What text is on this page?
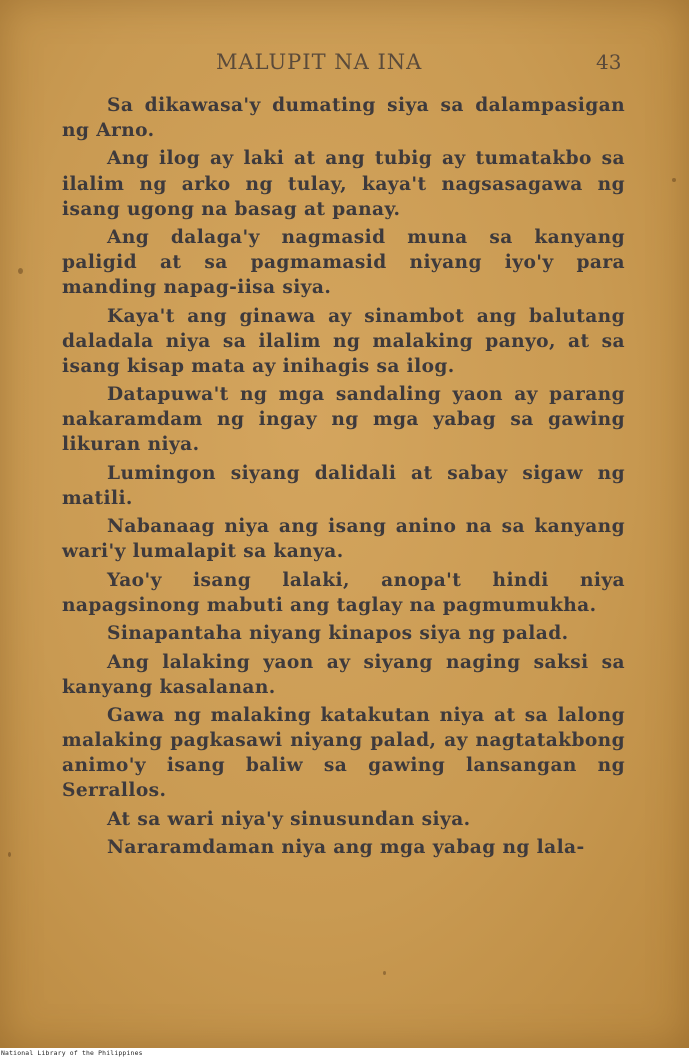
MALUPIT NA INA	43

Sa dikawasa'y dumating siya sa dalampasigan ng Arno.

Ang ilog ay laki at ang tubig ay tumatakbo sa ilalim ng arko ng tulay, kaya't nagsasagawa ng isang ugong na basag at panay.

Ang dalaga'y nagmasid muna sa kanyang paligid at sa pagmamasid niyang iyo'y para manding napag-iisa siya.

Kaya't ang ginawa ay sinambot ang balutang daladala niya sa ilalim ng malaking panyo, at sa isang kisap mata ay inihagis sa ilog.

Datapuwa't ng mga sandaling yaon ay parang nakaramdam ng ingay ng mga yabag sa gawing likuran niya.

Lumingon siyang dalidali at sabay sigaw ng matili.

Nabanaag niya ang isang anino na sa kanyang wari'y lumalapit sa kanya.

Yao'y isang lalaki, anopa't hindi niya napagsinong mabuti ang taglay na pagmumukha.

Sinapantaha niyang kinapos siya ng palad.

Ang lalaking yaon ay siyang naging saksi sa kanyang kasalanan.

Gawa ng malaking katakutan niya at sa lalong malaking pagkasawi niyang palad, ay nagtatakbong animo'y isang baliw sa gawing lansangan ng Serrallos.

At sa wari niya'y sinusundan siya.

Nararamdaman niya ang mga yabag ng lala-

National Library of the Philippines
